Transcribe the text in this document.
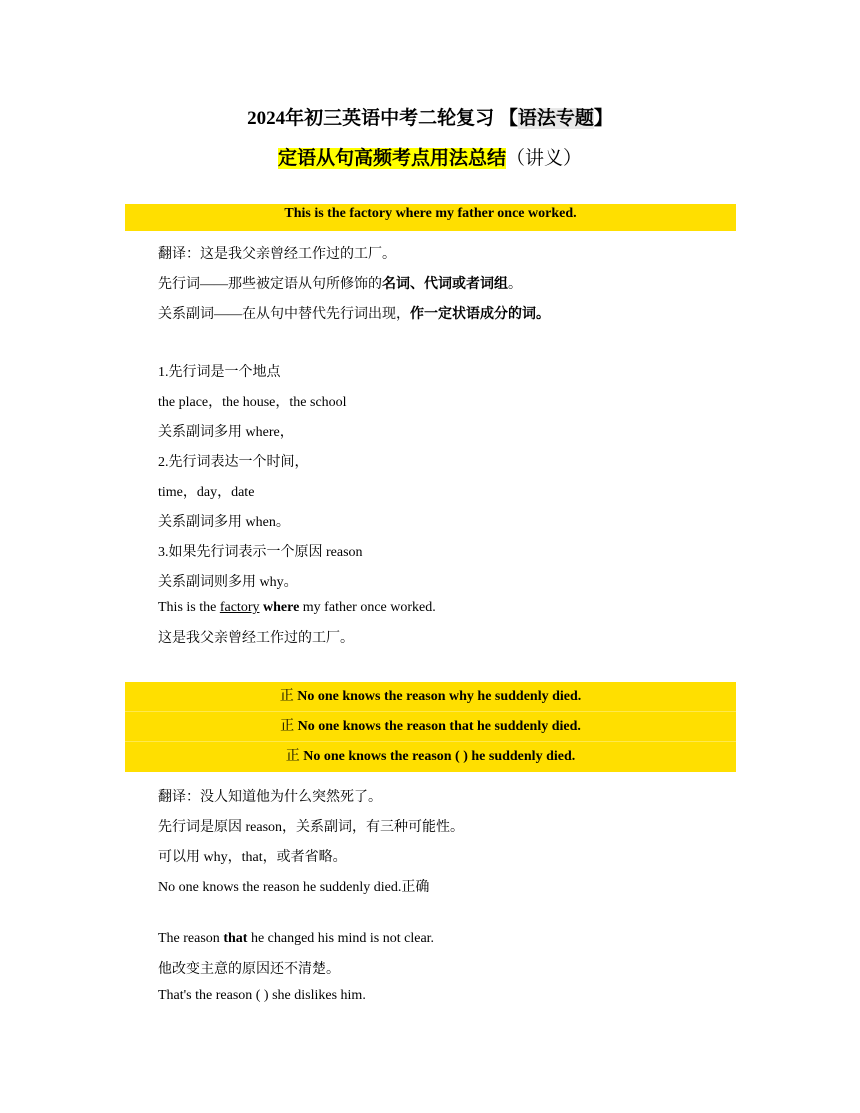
2024年初三英语中考二轮复习 【语法专题】
定语从句高频考点用法总结（讲义）
This is the factory where my father once worked.
翻译：这是我父亲曾经工作过的工厂。
先行词——那些被定语从句所修饰的名词、代词或者词组。
关系副词——在从句中替代先行词出现，作一定状语成分的词。
1.先行词是一个地点
the place，the house，the school
关系副词多用 where，
2.先行词表达一个时间，
time，day，date
关系副词多用 when。
3.如果先行词表示一个原因 reason
关系副词则多用 why。
This is the factory where my father once worked.
这是我父亲曾经工作过的工厂。
正 No one knows the reason why he suddenly died.
正 No one knows the reason that he suddenly died.
正 No one knows the reason ( ) he suddenly died.
翻译：没人知道他为什么突然死了。
先行词是原因 reason，关系副词，有三种可能性。
可以用 why，that，或者省略。
No one knows the reason he suddenly died.正确
The reason that he changed his mind is not clear.
他改变主意的原因还不清楚。
That's the reason ( ) she dislikes him.
